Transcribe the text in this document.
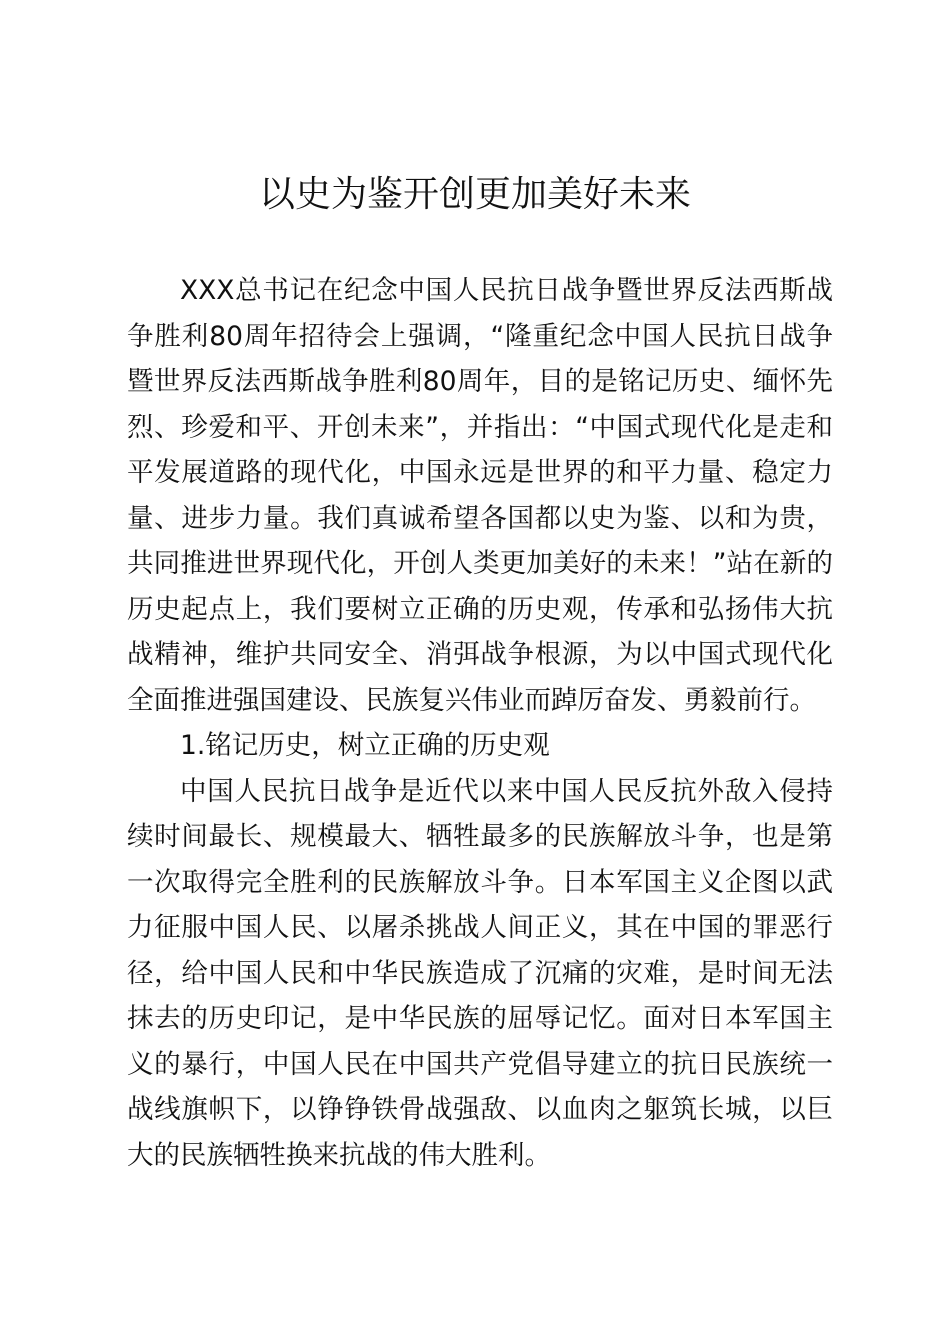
以史为鉴开创更加美好未来

XXX总书记在纪念中国人民抗日战争暨世界反法西斯战争胜利80周年招待会上强调，“隆重纪念中国人民抗日战争暨世界反法西斯战争胜利80周年，目的是铭记历史、缅怀先烈、珍爱和平、开创未来”，并指出：“中国式现代化是走和平发展道路的现代化，中国永远是世界的和平力量、稳定力量、进步力量。我们真诚希望各国都以史为鉴、以和为贵，共同推进世界现代化，开创人类更加美好的未来！”站在新的历史起点上，我们要树立正确的历史观，传承和弘扬伟大抗战精神，维护共同安全、消弭战争根源，为以中国式现代化全面推进强国建设、民族复兴伟业而踔厉奋发、勇毅前行。

1.铭记历史，树立正确的历史观

中国人民抗日战争是近代以来中国人民反抗外敌入侵持续时间最长、规模最大、牺牲最多的民族解放斗争，也是第一次取得完全胜利的民族解放斗争。日本军国主义企图以武力征服中国人民、以屠杀挑战人间正义，其在中国的罪恶行径，给中国人民和中华民族造成了沉痛的灾难，是时间无法抹去的历史印记，是中华民族的屈辱记忆。面对日本军国主义的暴行，中国人民在中国共产党倡导建立的抗日民族统一战线旗帜下，以铮铮铁骨战强敌、以血肉之躯筑长城，以巨大的民族牺牲换来抗战的伟大胜利。
